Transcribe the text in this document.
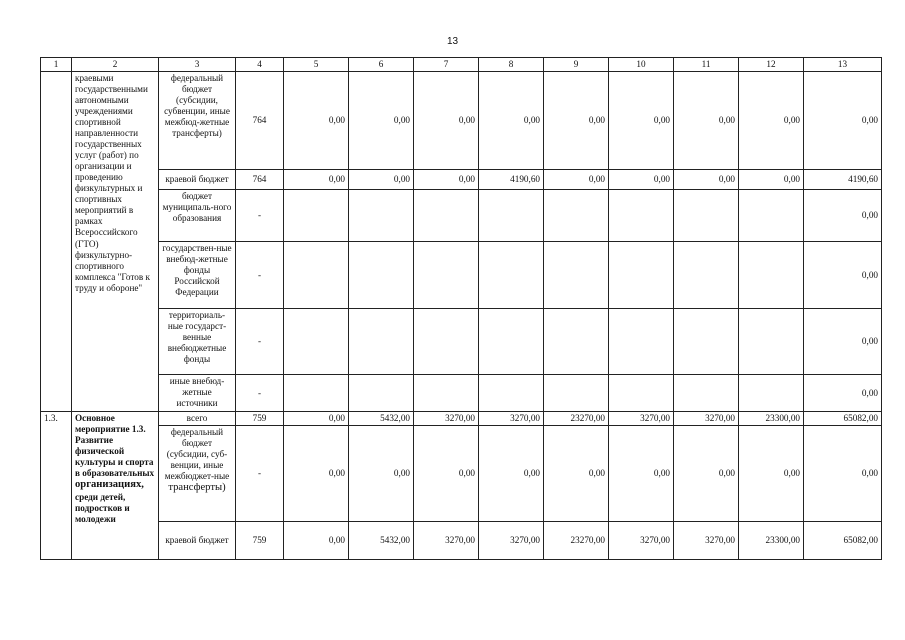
13
1	2	3	4	5	6	7	8	9	10	11	12	13
	краевыми государственными автономными учреждениями спортивной направленности государственных услуг (работ) по организации и проведению физкультурных и спортивных мероприятий в рамках Всероссийского (ГТО) физкультурно-спортивного комплекса "Готов к труду и обороне"	федеральный бюджет (субсидии, субвенции, иные межбюд-жетные трансферты)	764	0,00	0,00	0,00	0,00	0,00	0,00	0,00	0,00	0,00
		краевой бюджет	764	0,00	0,00	0,00	4190,60	0,00	0,00	0,00	0,00	4190,60
		бюджет муниципаль-ного образования	-									0,00
		государствен-ные внебюд-жетные фонды Российской Федерации	-									0,00
		территориаль-ные государст-венные внебюджетные фонды	-									0,00
		иные внебюд-жетные источники	-									0,00
1.3.	Основное мероприятие 1.3. Развитие физической культуры и спорта в образовательных организациях, среди детей, подростков и молодежи	всего	759	0,00	5432,00	3270,00	3270,00	23270,00	3270,00	3270,00	23300,00	65082,00
		федеральный бюджет (субсидии, суб-венции, иные межбюджет-ные трансферты)	-	0,00	0,00	0,00	0,00	0,00	0,00	0,00	0,00	0,00
		краевой бюджет	759	0,00	5432,00	3270,00	3270,00	23270,00	3270,00	3270,00	23300,00	65082,00
